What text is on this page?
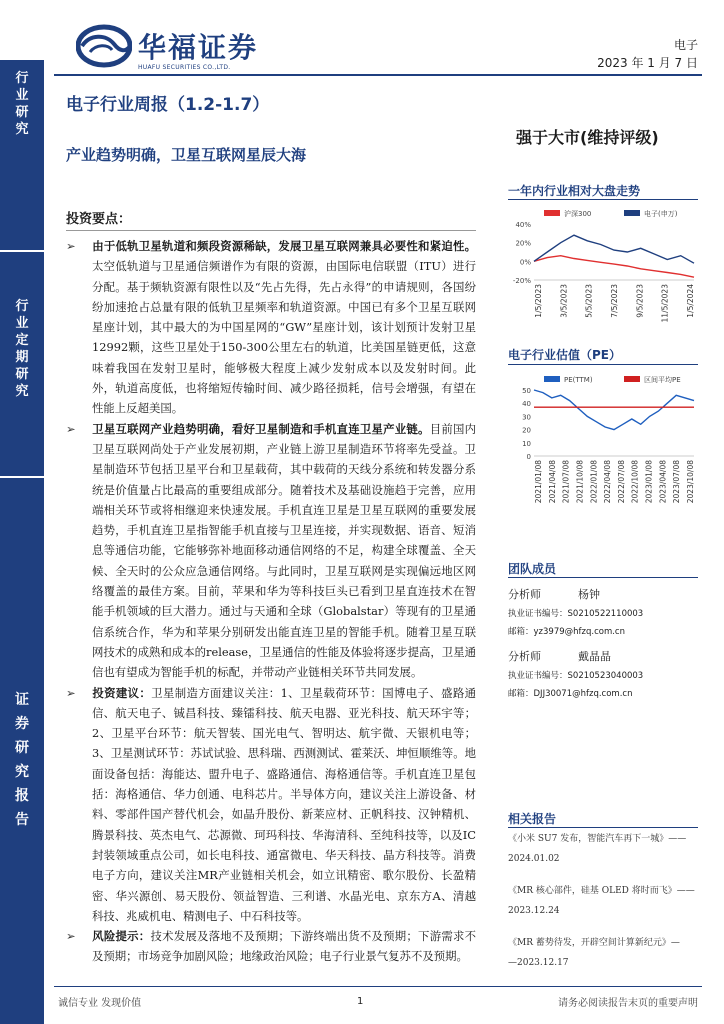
行业研究
行业定期研究
证券研究报告
华福证券
HUAFU SECURITIES CO.,LTD.
电子
2023 年 1 月 7 日
电子行业周报（1.2-1.7）
强于大市(维持评级)
产业趋势明确，卫星互联网星辰大海
投资要点：

➢ 由于低轨卫星轨道和频段资源稀缺，发展卫星互联网兼具必要性和紧迫性。太空低轨道与卫星通信频谱作为有限的资源，由国际电信联盟（ITU）进行分配。基于频轨资源有限性以及“先占先得，先占永得”的申请规则，各国纷纷加速抢占总量有限的低轨卫星频率和轨道资源。中国已有多个卫星互联网星座计划，其中最大的为中国星网的“GW”星座计划，该计划预计发射卫星12992颗，这些卫星处于150-300公里左右的轨道，比美国星链更低，这意味着我国在发射卫星时，能够极大程度上减少发射成本以及发射时间。此外，轨道高度低，也将缩短传输时间、减少路径损耗，信号会增强，有望在性能上反超美国。

➢ 卫星互联网产业趋势明确，看好卫星制造和手机直连卫星产业链。目前国内卫星互联网尚处于产业发展初期，产业链上游卫星制造环节将率先受益。卫星制造环节包括卫星平台和卫星载荷，其中载荷的天线分系统和转发器分系统是价值量占比最高的重要组成部分。随着技术及基础设施趋于完善，应用端相关环节或将相继迎来快速发展。手机直连卫星是卫星互联网的重要发展趋势，手机直连卫星指智能手机直接与卫星连接，并实现数据、语音、短消息等通信功能，它能够弥补地面移动通信网络的不足，构建全球覆盖、全天候、全天时的公众应急通信网络。与此同时，卫星互联网是实现偏远地区网络覆盖的最佳方案。目前，苹果和华为等科技巨头已看到卫星直连技术在智能手机领域的巨大潜力。通过与天通和全球（Globalstar）等现有的卫星通信系统合作，华为和苹果分别研发出能直连卫星的智能手机。随着卫星互联网技术的成熟和成本的release，卫星通信的性能及体验将逐步提高，卫星通信也有望成为智能手机的标配，并带动产业链相关环节共同发展。

➢ 投资建议：卫星制造方面建议关注：1、卫星载荷环节：国博电子、盛路通信、航天电子、铖昌科技、臻镭科技、航天电器、亚光科技、航天环宇等；2、卫星平台环节：航天智装、国光电气、智明达、航宇微、天银机电等；3、卫星测试环节：苏试试验、思科瑞、西测测试、霍莱沃、坤恒顺维等。地面设备包括：海能达、盟升电子、盛路通信、海格通信等。手机直连卫星包括：海格通信、华力创通、电科芯片。半导体方向，建议关注上游设备、材料、零部件国产替代机会，如晶升股份、新莱应材、正帆科技、汉钟精机、腾景科技、英杰电气、芯源微、珂玛科技、华海清科、至纯科技等，以及IC封装领域重点公司，如长电科技、通富微电、华天科技、晶方科技等。消费电子方向，建议关注MR产业链相关机会，如立讯精密、歌尔股份、长盈精密、华兴源创、易天股份、领益智造、三利谱、水晶光电、京东方A、清越科技、兆威机电、精测电子、中石科技等。

➢ 风险提示：技术发展及落地不及预期；下游终端出货不及预期；下游需求不及预期；市场竞争加剧风险；地缘政治风险；电子行业景气复苏不及预期。

一年内行业相对大盘走势
沪深300	电子(申万)
40%
20%
0%
-20%
1/5/2023 3/5/2023 5/5/2023 7/5/2023 9/5/2023 11/5/2023 1/5/2024
电子行业估值（PE）
PE(TTM)	区间平均PE
50
40
30
20
10
0
2021/01/08 2021/04/08 2021/07/08 2021/10/08 2022/01/08 2022/04/08 2022/07/08 2022/10/08 2023/01/08 2023/04/08 2023/07/08 2023/10/08
团队成员
分析师	杨钟
执业证书编号：S0210522110003
邮箱：yz3979@hfzq.com.cn
分析师	戴晶晶
执业证书编号：S0210523040003
邮箱：DJJ30071@hfzq.com.cn
相关报告
《小米 SU7 发布，智能汽车再下一城》——
2024.01.02
《MR 核心部件，硅基 OLED 将时而飞》——
2023.12.24
《MR 蓄势待发，开辟空间计算新纪元》—
—2023.12.17
诚信专业 发现价值	1	请务必阅读报告末页的重要声明
